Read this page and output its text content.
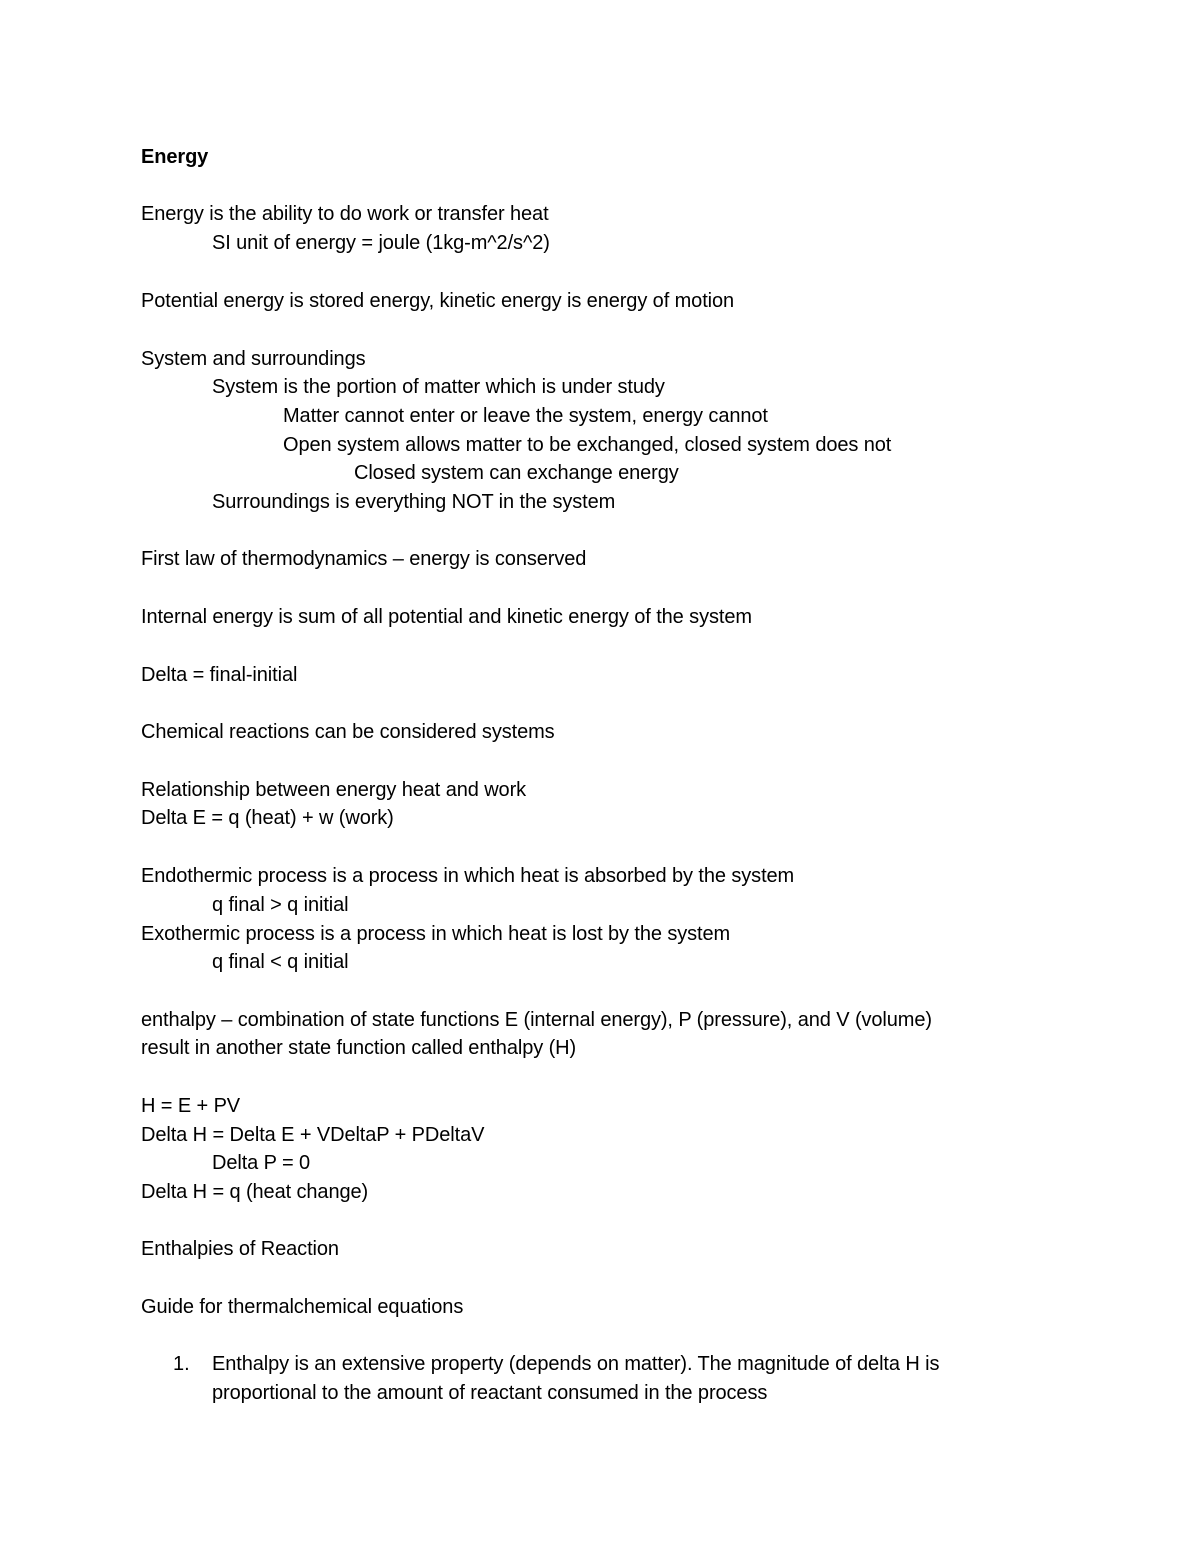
Energy
Energy is the ability to do work or transfer heat
SI unit of energy = joule (1kg-m^2/s^2)
Potential energy is stored energy, kinetic energy is energy of motion
System and surroundings
System is the portion of matter which is under study
Matter cannot enter or leave the system, energy cannot
Open system allows matter to be exchanged, closed system does not
Closed system can exchange energy
Surroundings is everything NOT in the system
First law of thermodynamics – energy is conserved
Internal energy is sum of all potential and kinetic energy of the system
Delta = final-initial
Chemical reactions can be considered systems
Relationship between energy heat and work
Delta E = q (heat) + w (work)
Endothermic process is a process in which heat is absorbed by the system
q final > q initial
Exothermic process is a process in which heat is lost by the system
q final < q initial
enthalpy – combination of state functions E (internal energy), P (pressure), and V (volume)
result in another state function called enthalpy (H)
H = E + PV
Delta H = Delta E + VDeltaP + PDeltaV
Delta P = 0
Delta H = q (heat change)
Enthalpies of Reaction
Guide for thermalchemical equations
1. Enthalpy is an extensive property (depends on matter). The magnitude of delta H is
proportional to the amount of reactant consumed in the process
